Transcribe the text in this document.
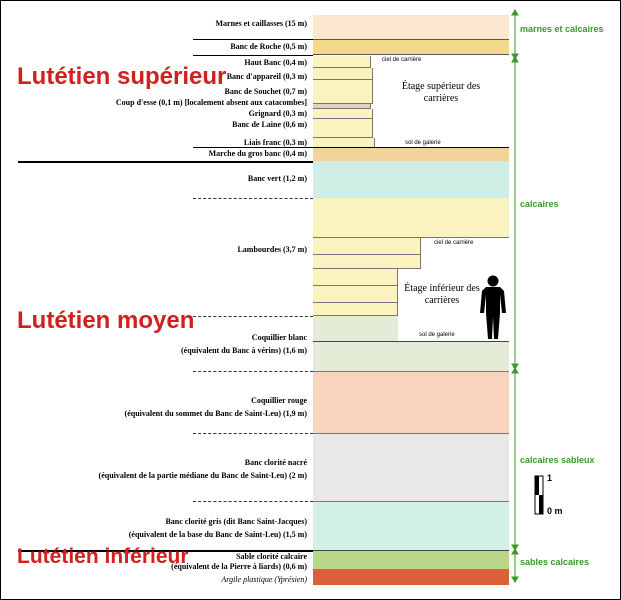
Marnes et caillasses (15 m)
Banc de Roche (0,5 m)
Haut Banc (0,4 m)
Banc d'appareil (0,3 m)
Banc de Souchet (0,7 m)
Coup d'esse (0,1 m) [localement absent aux catacombes]
Grignard (0,3 m)
Banc de Laine (0,6 m)
Liais franc (0,3 m)
Marche du gros banc (0,4 m)
Banc vert (1,2 m)
Lambourdes (3,7 m)
Coquillier blanc
(équivalent du Banc à vérins) (1,6 m)
Coquillier rouge
(équivalent du sommet du Banc de Saint-Leu) (1,9 m)
Banc clorité nacré
(équivalent de la partie médiane du Banc de Saint-Leu) (2 m)
Banc clorité gris (dit Banc Saint-Jacques)
(équivalent de la base du Banc de Saint-Leu) (1,5 m)
Sable clorité calcaire
(équivalent de la Pierre à liards) (0,6 m)
Argile plastique (Yprésien)
Lutétien supérieur
Lutétien moyen
Lutétien inférieur
ciel de carrière
Étage supérieur des carrières
sol de galerie
ciel de carrière
Étage inférieur des carrières
sol de galerie
marnes et calcaires
calcaires
calcaires sableux
sables calcaires
1
0 m
